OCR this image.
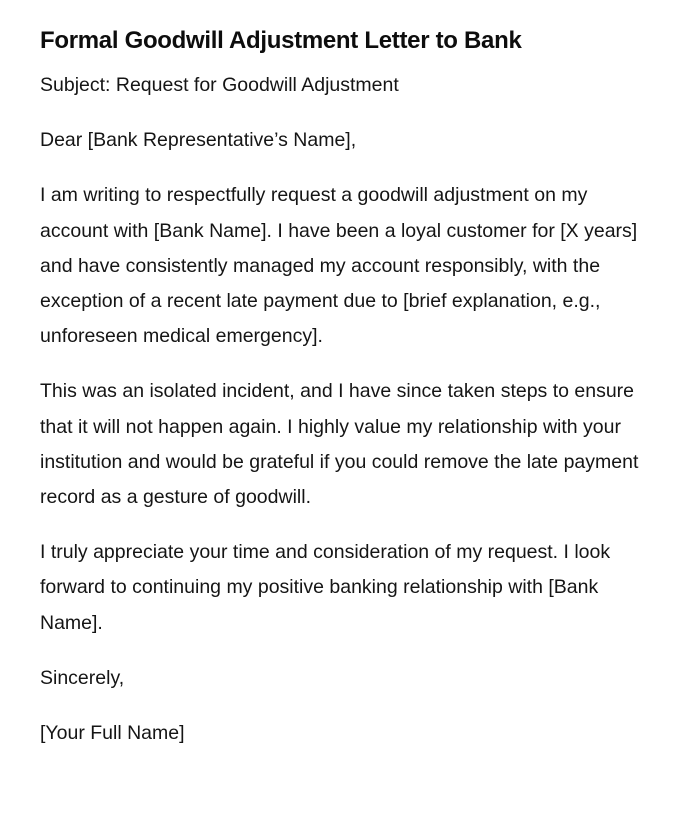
Formal Goodwill Adjustment Letter to Bank

Subject: Request for Goodwill Adjustment

Dear [Bank Representative’s Name],

I am writing to respectfully request a goodwill adjustment on my account with [Bank Name]. I have been a loyal customer for [X years] and have consistently managed my account responsibly, with the exception of a recent late payment due to [brief explanation, e.g., unforeseen medical emergency].

This was an isolated incident, and I have since taken steps to ensure that it will not happen again. I highly value my relationship with your institution and would be grateful if you could remove the late payment record as a gesture of goodwill.

I truly appreciate your time and consideration of my request. I look forward to continuing my positive banking relationship with [Bank Name].

Sincerely,

[Your Full Name]
